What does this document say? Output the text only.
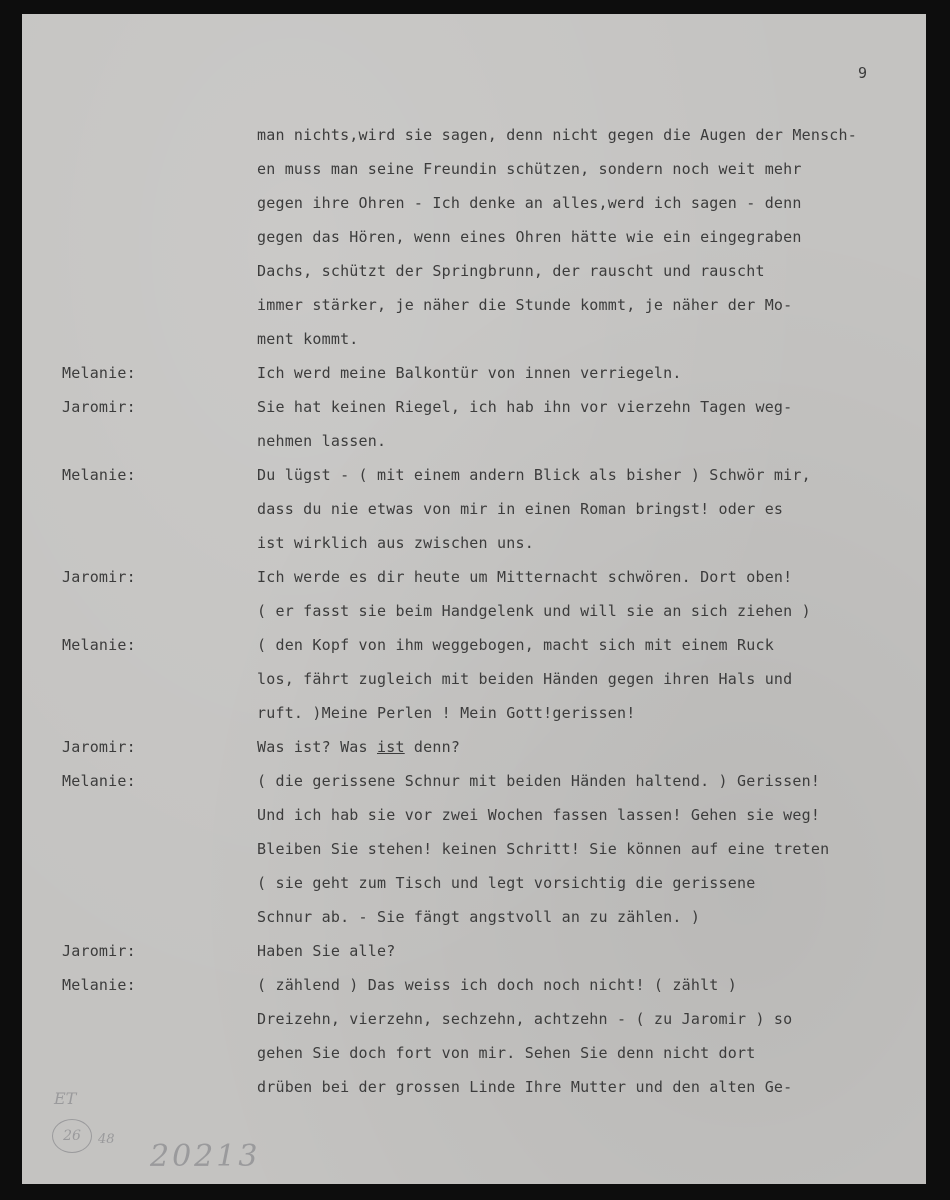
9
man nichts,wird sie sagen, denn nicht gegen die Augen der Mensch-
en muss man seine Freundin schützen, sondern noch weit mehr
gegen ihre Ohren - Ich denke an alles,werd ich sagen - denn
gegen das Hören, wenn eines Ohren hätte wie ein eingegraben
Dachs, schützt der Springbrunn, der rauscht und rauscht
immer stärker, je näher die Stunde kommt, je näher der Mo-
ment kommt.
Melanie:	Ich werd meine Balkontür von innen verriegeln.
Jaromir:	Sie hat keinen Riegel, ich hab ihn vor vierzehn Tagen weg-
nehmen lassen.
Melanie:	Du lügst - ( mit einem andern Blick als bisher ) Schwör mir,
dass du nie etwas von mir in einen Roman bringst! oder es
ist wirklich aus zwischen uns.
Jaromir:	Ich werde es dir heute um Mitternacht schwören. Dort oben!
( er fasst sie beim Handgelenk und will sie an sich ziehen )
Melanie:	( den Kopf von ihm weggebogen, macht sich mit einem Ruck
los, fährt zugleich mit beiden Händen gegen ihren Hals und
ruft. )Meine Perlen ! Mein Gott!gerissen!
Jaromir:	Was ist? Was ist denn?
Melanie:	( die gerissene Schnur mit beiden Händen haltend. ) Gerissen!
Und ich hab sie vor zwei Wochen fassen lassen! Gehen sie weg!
Bleiben Sie stehen! keinen Schritt! Sie können auf eine treten
( sie geht zum Tisch und legt vorsichtig die gerissene
Schnur ab. - Sie fängt angstvoll an zu zählen. )
Jaromir:	Haben Sie alle?
Melanie:	( zählend ) Das weiss ich doch noch nicht! ( zählt )
Dreizehn, vierzehn, sechzehn, achtzehn - ( zu Jaromir ) so
gehen Sie doch fort von mir. Sehen Sie denn nicht dort
drüben bei der grossen Linde Ihre Mutter und den alten Ge-
ET
26	48 20213
